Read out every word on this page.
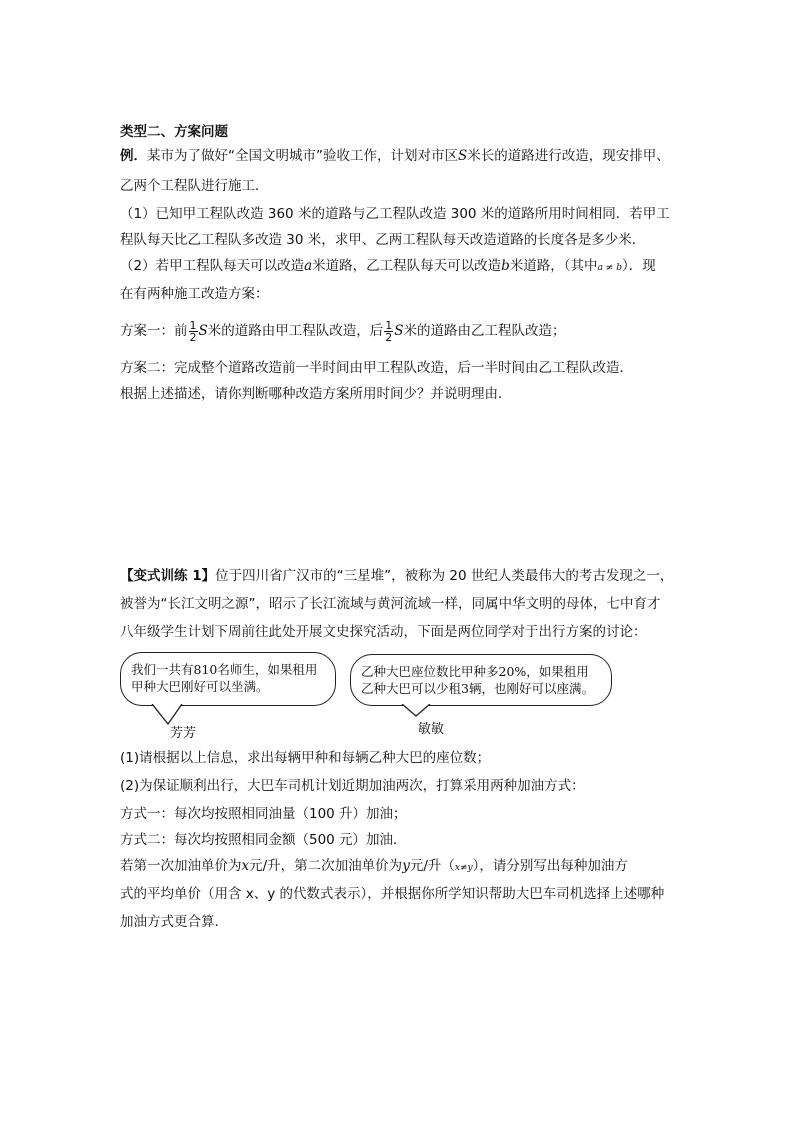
类型二、方案问题
例．某市为了做好“全国文明城市”验收工作，计划对市区S米长的道路进行改造，现安排甲、
乙两个工程队进行施工．
（1）已知甲工程队改造 360 米的道路与乙工程队改造 300 米的道路所用时间相同．若甲工
程队每天比乙工程队多改造 30 米，求甲、乙两工程队每天改造道路的长度各是多少米．
（2）若甲工程队每天可以改造a米道路，乙工程队每天可以改造b米道路，（其中a ≠ b）．现
在有两种施工改造方案：
方案一：前 $\frac{1}{2}$ S米的道路由甲工程队改造，后 $\frac{1}{2}$ S米的道路由乙工程队改造；
方案二：完成整个道路改造前一半时间由甲工程队改造，后一半时间由乙工程队改造．
根据上述描述，请你判断哪种改造方案所用时间少？并说明理由．
【变式训练 1】位于四川省广汉市的“三星堆”，被称为 20 世纪人类最伟大的考古发现之一，
被誉为“长江文明之源”，昭示了长江流域与黄河流域一样，同属中华文明的母体，七中育才
八年级学生计划下周前往此处开展文史探究活动，下面是两位同学对于出行方案的讨论：
我们一共有810名师生，如果租用
甲种大巴刚好可以坐满。
乙种大巴座位数比甲种多20%，如果租用
乙种大巴可以少租3辆，也刚好可以座满。
芳芳	敏敏
(1)请根据以上信息，求出每辆甲种和每辆乙种大巴的座位数；
(2)为保证顺利出行，大巴车司机计划近期加油两次，打算采用两种加油方式：
方式一：每次均按照相同油量（100 升）加油；
方式二：每次均按照相同金额（500 元）加油．
若第一次加油单价为x元/升，第二次加油单价为y元/升（x≠y），请分别写出每种加油方
式的平均单价（用含 x、y 的代数式表示），并根据你所学知识帮助大巴车司机选择上述哪种
加油方式更合算．
